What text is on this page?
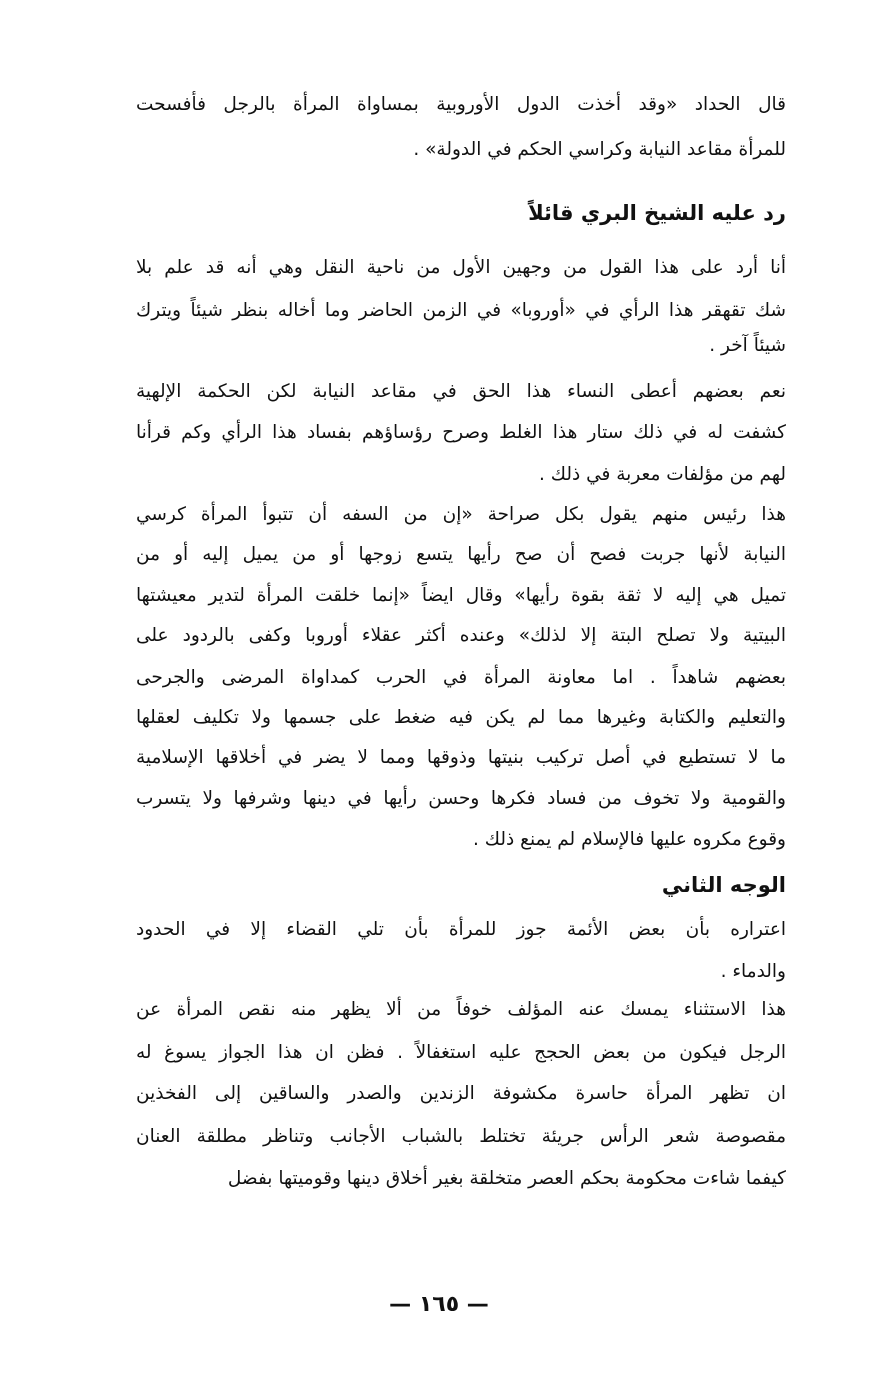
قال الحداد «وقد أخذت الدول الأوروبية بمساواة المرأة بالرجل فأفسحت
للمرأة مقاعد النيابة وكراسي الحكم في الدولة» .
رد عليه الشيخ البري قائلاً
أنا أرد على هذا القول من وجهين الأول من ناحية النقل وهي أنه قد علم بلا
شك تقهقر هذا الرأي في «أوروبا» في الزمن الحاضر وما أخاله بنظر شيئاً ويترك
شيئاً آخر .
نعم بعضهم أعطى النساء هذا الحق في مقاعد النيابة لكن الحكمة الإلهية
كشفت له في ذلك ستار هذا الغلط وصرح رؤساؤهم بفساد هذا الرأي وكم قرأنا
لهم من مؤلفات معربة في ذلك .
هذا رئيس منهم يقول بكل صراحة «إن من السفه أن تتبوأ المرأة كرسي
النيابة لأنها جربت فصح أن صح رأيها يتسع زوجها أو من يميل إليه أو من
تميل هي إليه لا ثقة بقوة رأيها» وقال ايضاً «إنما خلقت المرأة لتدير معيشتها
البيتية ولا تصلح البتة إلا لذلك» وعنده أكثر عقلاء أوروبا وكفى بالردود على
بعضهم شاهداً . اما معاونة المرأة في الحرب كمداواة المرضى والجرحى
والتعليم والكتابة وغيرها مما لم يكن فيه ضغط على جسمها ولا تكليف لعقلها
ما لا تستطيع في أصل تركيب بنيتها وذوقها ومما لا يضر في أخلاقها الإسلامية
والقومية ولا تخوف من فساد فكرها وحسن رأيها في دينها وشرفها ولا يتسرب
وقوع مكروه عليها فالإسلام لم يمنع ذلك .
الوجه الثاني
اعتراره بأن بعض الأئمة جوز للمرأة بأن تلي القضاء إلا في الحدود
والدماء .
هذا الاستثناء يمسك عنه المؤلف خوفاً من ألا يظهر منه نقص المرأة عن
الرجل فيكون من بعض الحجج عليه استغفالاً . فظن ان هذا الجواز يسوغ له
ان تظهر المرأة حاسرة مكشوفة الزندين والصدر والساقين إلى الفخذين
مقصوصة شعر الرأس جريئة تختلط بالشباب الأجانب وتناظر مطلقة العنان
كيفما شاءت محكومة بحكم العصر متخلقة بغير أخلاق دينها وقوميتها بفضل
— ١٦٥ —
